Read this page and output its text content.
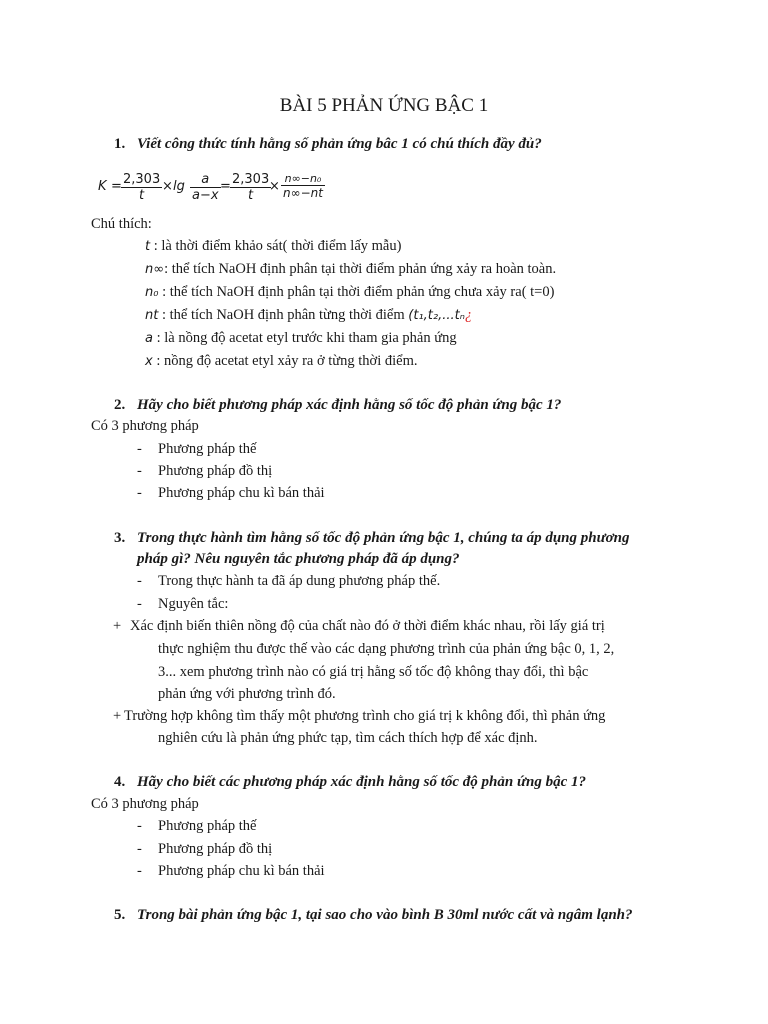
BÀI 5 PHẢN ỨNG BẬC 1
1. Viết công thức tính hằng số phản ứng bâc 1 có chú thích đầy đủ?
$K = \frac{2,303}{t} \times \lg \frac{a}{a-x} = \frac{2,303}{t}$
× $\frac{\text{n∞−n₀}}{n\infty-nt}$
Chú thích:
t : là thời điểm khảo sát( thời điểm lấy mẫu)
n∞: thể tích NaOH định phân tại thời điểm phản ứng xảy ra hoàn toàn.
n₀ : thể tích NaOH định phân tại thời điểm phản ứng chưa xảy ra( t=0)
nt : thể tích NaOH định phân từng thời điểm (t₁,t₂,...tₙ¿
a : là nồng độ acetat etyl trước khi tham gia phản ứng
x : nồng độ acetat etyl xảy ra ở từng thời điểm.
2. Hãy cho biết phương pháp xác định hằng số tốc độ phản ứng bậc 1?
Có 3 phương pháp
- Phương pháp thế
- Phương pháp đồ thị
- Phương pháp chu kì bán thải
3. Trong thực hành tìm hằng số tốc độ phản ứng bậc 1, chúng ta áp dụng phương
pháp gì? Nêu nguyên tắc phương pháp đã áp dụng?
- Trong thực hành ta đã áp dung phương pháp thế.
- Nguyên tắc:
+ Xác định biến thiên nồng độ của chất nào đó ở thời điểm khác nhau, rồi lấy giá trị
thực nghiệm thu được thế vào các dạng phương trình của phản ứng bậc 0, 1, 2,
3... xem phương trình nào có giá trị hằng số tốc độ không thay đổi, thì bậc
phản ứng với phương trình đó.
+ Trường hợp không tìm thấy một phương trình cho giá trị k không đổi, thì phản ứng
nghiên cứu là phản ứng phức tạp, tìm cách thích hợp để xác định.
4. Hãy cho biết các phương pháp xác định hằng số tốc độ phản ứng bậc 1?
Có 3 phương pháp
- Phương pháp thế
- Phương pháp đồ thị
- Phương pháp chu kì bán thải
5. Trong bài phản ứng bậc 1, tại sao cho vào bình B 30ml nước cất và ngâm lạnh?
